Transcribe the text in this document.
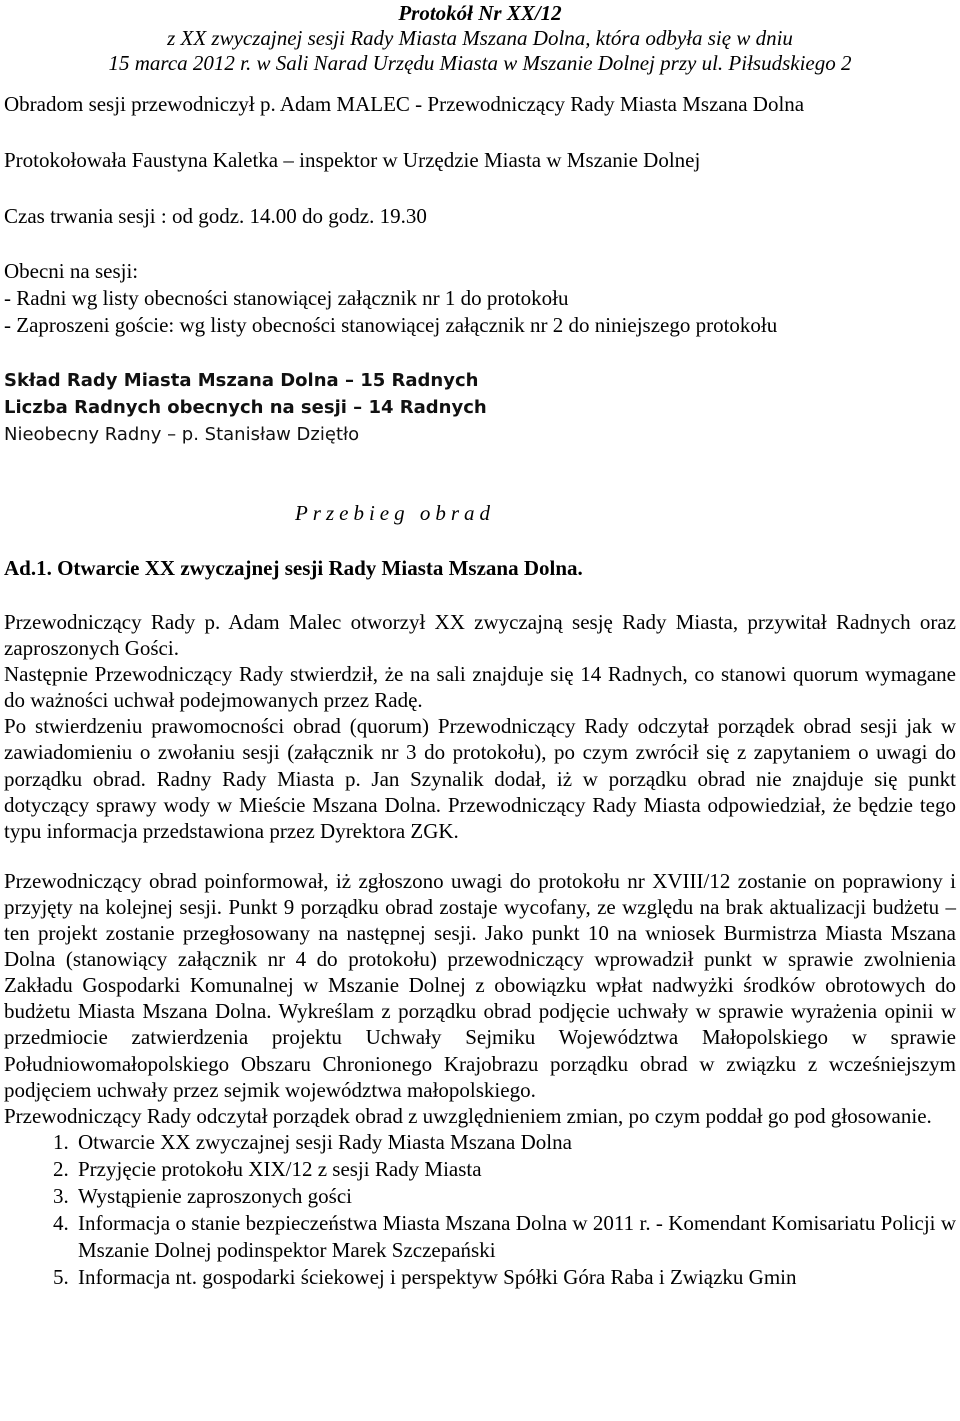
Protokół Nr XX/12
z XX zwyczajnej sesji Rady Miasta Mszana Dolna, która odbyła się w dniu
15 marca 2012 r. w Sali Narad Urzędu Miasta w Mszanie Dolnej przy ul. Piłsudskiego 2
Obradom sesji przewodniczył p. Adam MALEC - Przewodniczący Rady Miasta Mszana Dolna
Protokołowała Faustyna Kaletka – inspektor w Urzędzie Miasta w Mszanie Dolnej
Czas trwania sesji : od godz. 14.00 do godz. 19.30
Obecni na sesji:
- Radni wg listy obecności stanowiącej załącznik nr 1 do protokołu
- Zaproszeni goście: wg listy obecności stanowiącej załącznik nr 2 do niniejszego protokołu
Skład Rady Miasta Mszana Dolna – 15 Radnych
Liczba Radnych obecnych na sesji – 14 Radnych
Nieobecny Radny – p. Stanisław Dziętło
Przebieg obrad
Ad.1. Otwarcie XX zwyczajnej sesji Rady Miasta Mszana Dolna.

Przewodniczący Rady p. Adam Malec otworzył XX zwyczajną sesję Rady Miasta, przywitał Radnych oraz zaproszonych Gości.

Następnie Przewodniczący Rady stwierdził, że na sali znajduje się 14 Radnych, co stanowi quorum wymagane do ważności uchwał podejmowanych przez Radę.

Po stwierdzeniu prawomocności obrad (quorum) Przewodniczący Rady odczytał porządek obrad sesji jak w zawiadomieniu o zwołaniu sesji (załącznik nr 3 do protokołu), po czym zwrócił się z zapytaniem o uwagi do porządku obrad. Radny Rady Miasta p. Jan Szynalik dodał, iż w porządku obrad nie znajduje się punkt dotyczący sprawy wody w Mieście Mszana Dolna. Przewodniczący Rady Miasta odpowiedział, że będzie tego typu informacja przedstawiona przez Dyrektora ZGK.

Przewodniczący obrad poinformował, iż zgłoszono uwagi do protokołu nr XVIII/12 zostanie on poprawiony i przyjęty na kolejnej sesji. Punkt 9 porządku obrad zostaje wycofany, ze względu na brak aktualizacji budżetu – ten projekt zostanie przegłosowany na następnej sesji. Jako punkt 10 na wniosek Burmistrza Miasta Mszana Dolna (stanowiący załącznik nr 4 do protokołu) przewodniczący wprowadził punkt w sprawie zwolnienia Zakładu Gospodarki Komunalnej w Mszanie Dolnej z obowiązku wpłat nadwyżki środków obrotowych do budżetu Miasta Mszana Dolna. Wykreślam z porządku obrad podjęcie uchwały w sprawie wyrażenia opinii w przedmiocie zatwierdzenia projektu Uchwały Sejmiku Województwa Małopolskiego w sprawie Południowomałopolskiego Obszaru Chronionego Krajobrazu porządku obrad w związku z wcześniejszym podjęciem uchwały przez sejmik województwa małopolskiego.

Przewodniczący Rady odczytał porządek obrad z uwzględnieniem zmian, po czym poddał go pod głosowanie.

1. Otwarcie XX zwyczajnej sesji Rady Miasta Mszana Dolna
2. Przyjęcie protokołu XIX/12 z sesji Rady Miasta
3. Wystąpienie zaproszonych gości
4. Informacja o stanie bezpieczeństwa Miasta Mszana Dolna w 2011 r. - Komendant Komisariatu Policji w Mszanie Dolnej podinspektor Marek Szczepański
5. Informacja nt. gospodarki ściekowej i perspektyw Spółki Góra Raba i Związku Gmin
